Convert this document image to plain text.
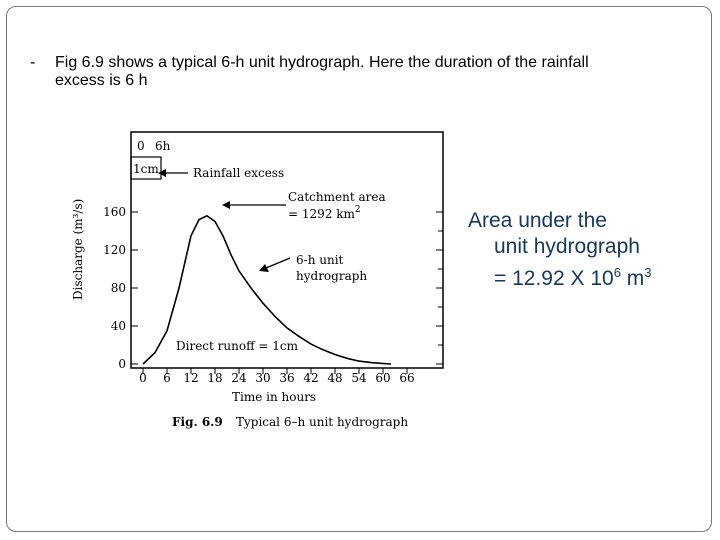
- Fig 6.9 shows a typical 6-h unit hydrograph. Here the duration of the rainfall
excess is 6 h
0 6h
1cm
0 6 12 18 24 30 36 42 48 54 60 66
0
40
80
120
160
Rainfall excess
Catchment area
= 1292 $km^2$
6-h unit
hydrograph
Direct runoff = 1cm
Discharge (m³/s)
Time in hours
Fig. 6.9 Typical 6–h unit hydrograph
Area under the
unit hydrograph
= 12.92 X $10^6$ $m^3$
